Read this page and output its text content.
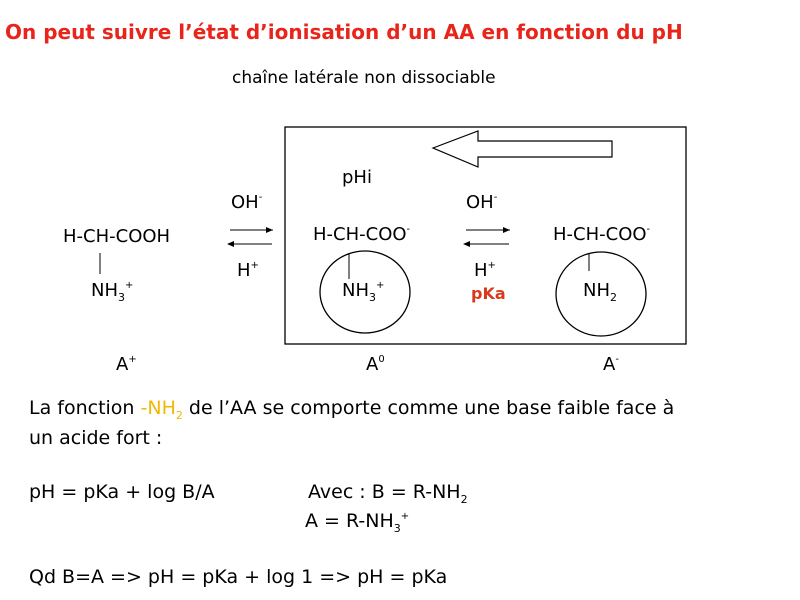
On peut suivre l’état d’ionisation d’un AA en fonction du pH
chaîne latérale non dissociable
pHi
H-CH-COOH
$NH_3^+$
A+
OH-
H+
H-CH-COO-
$NH_3^+$
$A^0$
OH-
H+
pKa
H-CH-COO-
$NH_2$
A-
La fonction $-NH_2$ de l’AA se comporte comme une base faible face à
un acide fort :
pH = pKa + log B/A	Avec : $B = R-NH_2$
$A = R-NH_3^+$
Qd B=A => pH = pKa + log 1 => pH = pKa
